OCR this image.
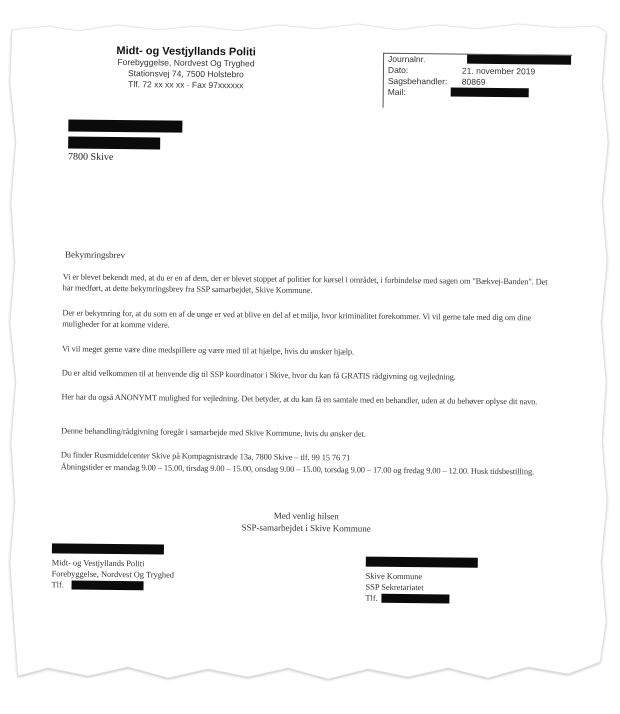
Midt- og Vestjyllands Politi
Forebyggelse, Nordvest Og Tryghed
Stationsvej 74, 7500 Holstebro
Tlf. 72 xx xx xx · Fax 97xxxxxx
Journalnr.
Dato:	21. november 2019
Sagsbehandler: 80869
Mail:
7800 Skive
Bekymringsbrev
Vi er blevet bekendt med, at du er en af dem, der er blevet stoppet af politiet for kørsel i området, i forbindelse med sagen om "Bækvej-Banden". Det har medført, at dette bekymringsbrev fra SSP samarbejdet, Skive Kommune.
Der er bekymring for, at du som en af de unge er ved at blive en del af et miljø, hvor kriminalitet forekommer. Vi vil gerne tale med dig om dine muligheder for at komme videre.
Vi vil meget gerne være dine medspillere og være med til at hjælpe, hvis du ønsker hjælp.
Du er altid velkommen til at henvende dig til SSP koordinator i Skive, hvor du kan få GRATIS rådgivning og vejledning.
Her har du også ANONYMT mulighed for vejledning. Det betyder, at du kan få en samtale med en behandler, uden at du behøver oplyse dit navn.
Denne behandling/rådgivning foregår i samarbejde med Skive Kommune, hvis du ønsker det.
Du finder Rusmiddelcenter Skive på Kompagnistræde 13a, 7800 Skive – tlf. 99 15 76 71
Åbningstider er mandag 9.00 – 15.00, tirsdag 9.00 – 15.00, onsdag 9.00 – 15.00, torsdag 9.00 – 17.00 og fredag 9.00 – 12.00. Husk tidsbestilling.
Med venlig hilsen
SSP-samarbejdet i Skive Kommune
Midt- og Vestjyllands Politi
Forebyggelse, Nordvest Og Tryghed
Tlf.
Skive Kommune
SSP Sekretariatet
Tlf.
